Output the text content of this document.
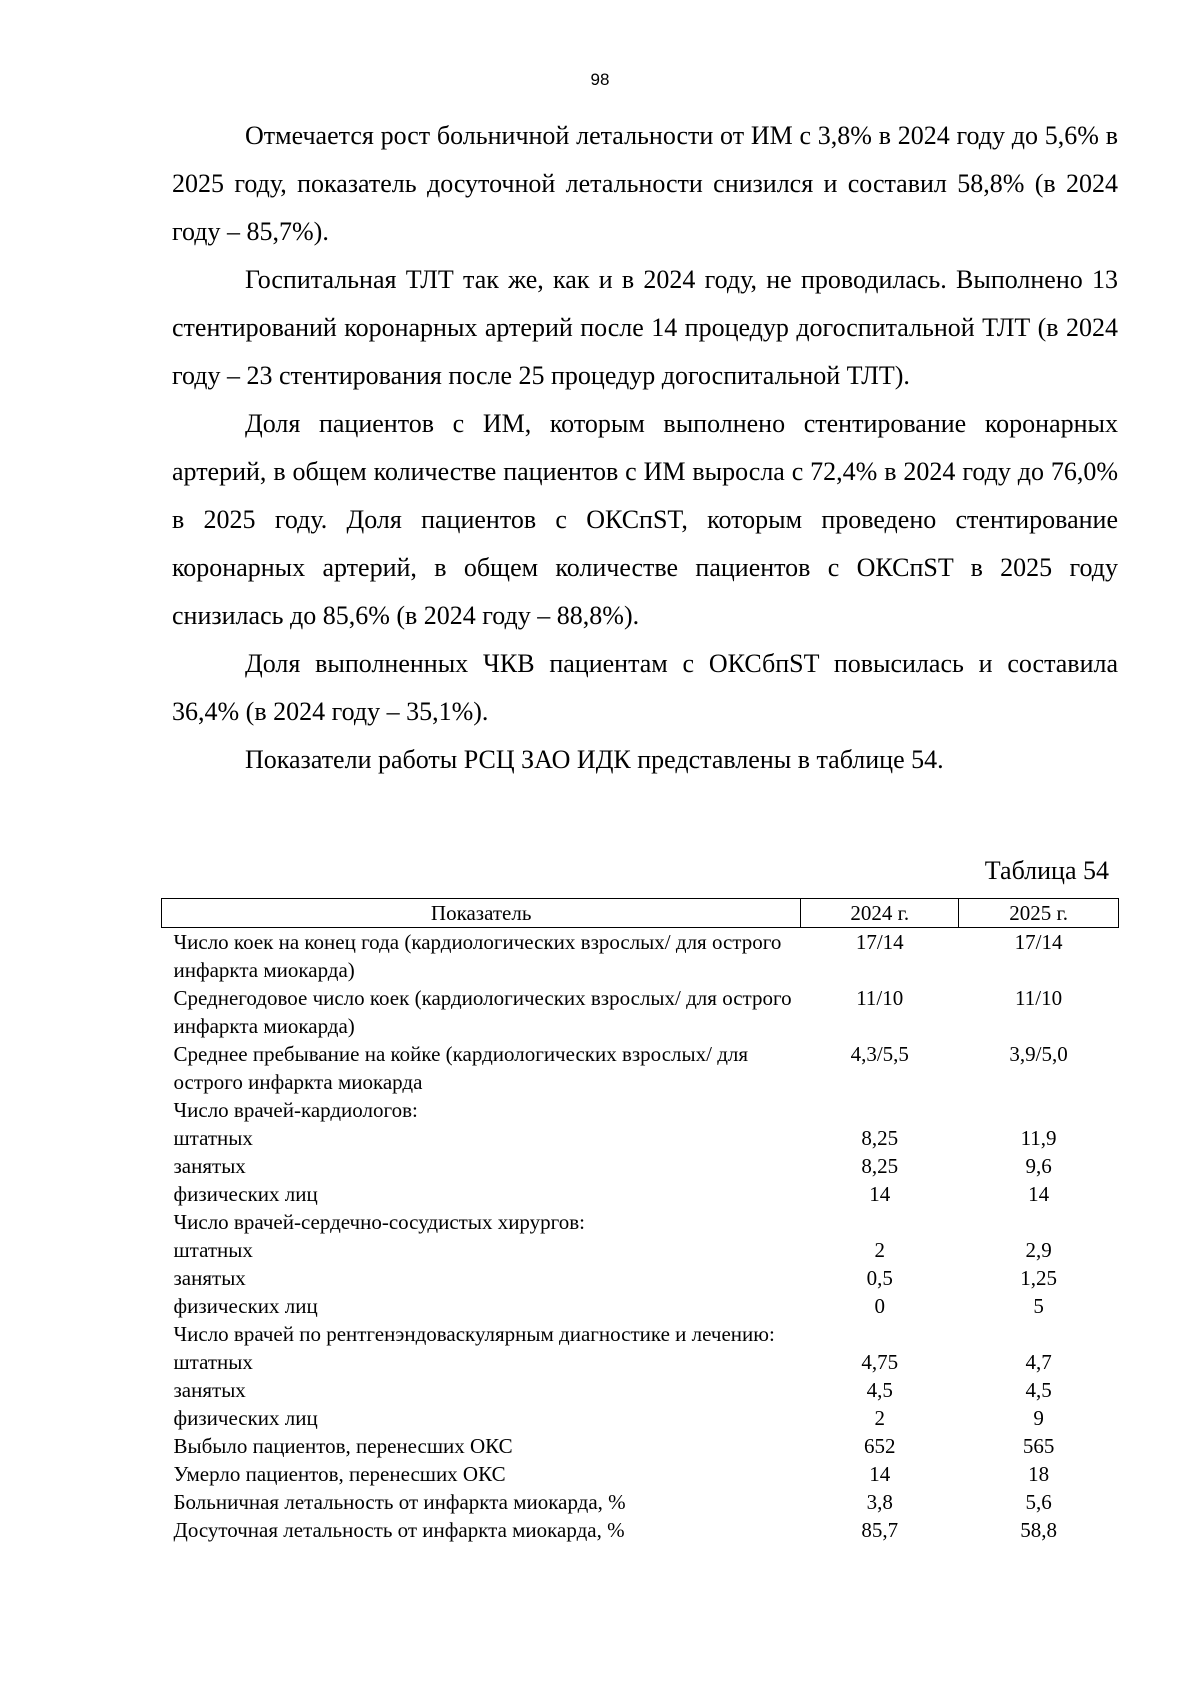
98

Отмечается рост больничной летальности от ИМ с 3,8% в 2024 году до 5,6% в 2025 году, показатель досуточной летальности снизился и составил 58,8% (в 2024 году – 85,7%).

Госпитальная ТЛТ так же, как и в 2024 году, не проводилась. Выполнено 13 стентирований коронарных артерий после 14 процедур догоспитальной ТЛТ (в 2024 году – 23 стентирования после 25 процедур догоспитальной ТЛТ).

Доля пациентов с ИМ, которым выполнено стентирование коронарных артерий, в общем количестве пациентов с ИМ выросла с 72,4% в 2024 году до 76,0% в 2025 году. Доля пациентов с ОКСпST, которым проведено стентирование коронарных артерий, в общем количестве пациентов с ОКСпST в 2025 году снизилась до 85,6% (в 2024 году – 88,8%).

Доля выполненных ЧКВ пациентам с ОКСбпST повысилась и составила 36,4% (в 2024 году – 35,1%).

Показатели работы РСЦ ЗАО ИДК представлены в таблице 54.

Таблица 54
Показатель	2024 г.	2025 г.
Число коек на конец года (кардиологических взрослых/ для острого инфаркта миокарда)	17/14	17/14
Среднегодовое число коек (кардиологических взрослых/ для острого инфаркта миокарда)	11/10	11/10
Среднее пребывание на койке (кардиологических взрослых/ для острого инфаркта миокарда	4,3/5,5	3,9/5,0
Число врачей-кардиологов:		
штатных	8,25	11,9
занятых	8,25	9,6
физических лиц	14	14
Число врачей-сердечно-сосудистых хирургов:		
штатных	2	2,9
занятых	0,5	1,25
физических лиц	0	5
Число врачей по рентгенэндоваскулярным диагностике и лечению:		
штатных	4,75	4,7
занятых	4,5	4,5
физических лиц	2	9
Выбыло пациентов, перенесших ОКС	652	565
Умерло пациентов, перенесших ОКС	14	18
Больничная летальность от инфаркта миокарда, %	3,8	5,6
Досуточная летальность от инфаркта миокарда, %	85,7	58,8
